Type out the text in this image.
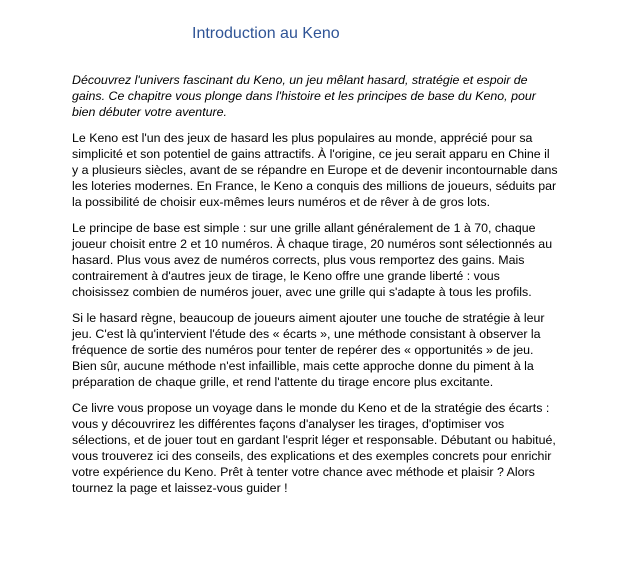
Introduction au Keno

Découvrez l'univers fascinant du Keno, un jeu mêlant hasard, stratégie et espoir de gains. Ce chapitre vous plonge dans l'histoire et les principes de base du Keno, pour bien débuter votre aventure.

Le Keno est l'un des jeux de hasard les plus populaires au monde, apprécié pour sa simplicité et son potentiel de gains attractifs. À l'origine, ce jeu serait apparu en Chine il y a plusieurs siècles, avant de se répandre en Europe et de devenir incontournable dans les loteries modernes. En France, le Keno a conquis des millions de joueurs, séduits par la possibilité de choisir eux-mêmes leurs numéros et de rêver à de gros lots.

Le principe de base est simple : sur une grille allant généralement de 1 à 70, chaque joueur choisit entre 2 et 10 numéros. À chaque tirage, 20 numéros sont sélectionnés au hasard. Plus vous avez de numéros corrects, plus vous remportez des gains. Mais contrairement à d'autres jeux de tirage, le Keno offre une grande liberté : vous choisissez combien de numéros jouer, avec une grille qui s'adapte à tous les profils.

Si le hasard règne, beaucoup de joueurs aiment ajouter une touche de stratégie à leur jeu. C'est là qu'intervient l'étude des « écarts », une méthode consistant à observer la fréquence de sortie des numéros pour tenter de repérer des « opportunités » de jeu. Bien sûr, aucune méthode n'est infaillible, mais cette approche donne du piment à la préparation de chaque grille, et rend l'attente du tirage encore plus excitante.

Ce livre vous propose un voyage dans le monde du Keno et de la stratégie des écarts : vous y découvrirez les différentes façons d'analyser les tirages, d'optimiser vos sélections, et de jouer tout en gardant l'esprit léger et responsable. Débutant ou habitué, vous trouverez ici des conseils, des explications et des exemples concrets pour enrichir votre expérience du Keno. Prêt à tenter votre chance avec méthode et plaisir ? Alors tournez la page et laissez-vous guider !
